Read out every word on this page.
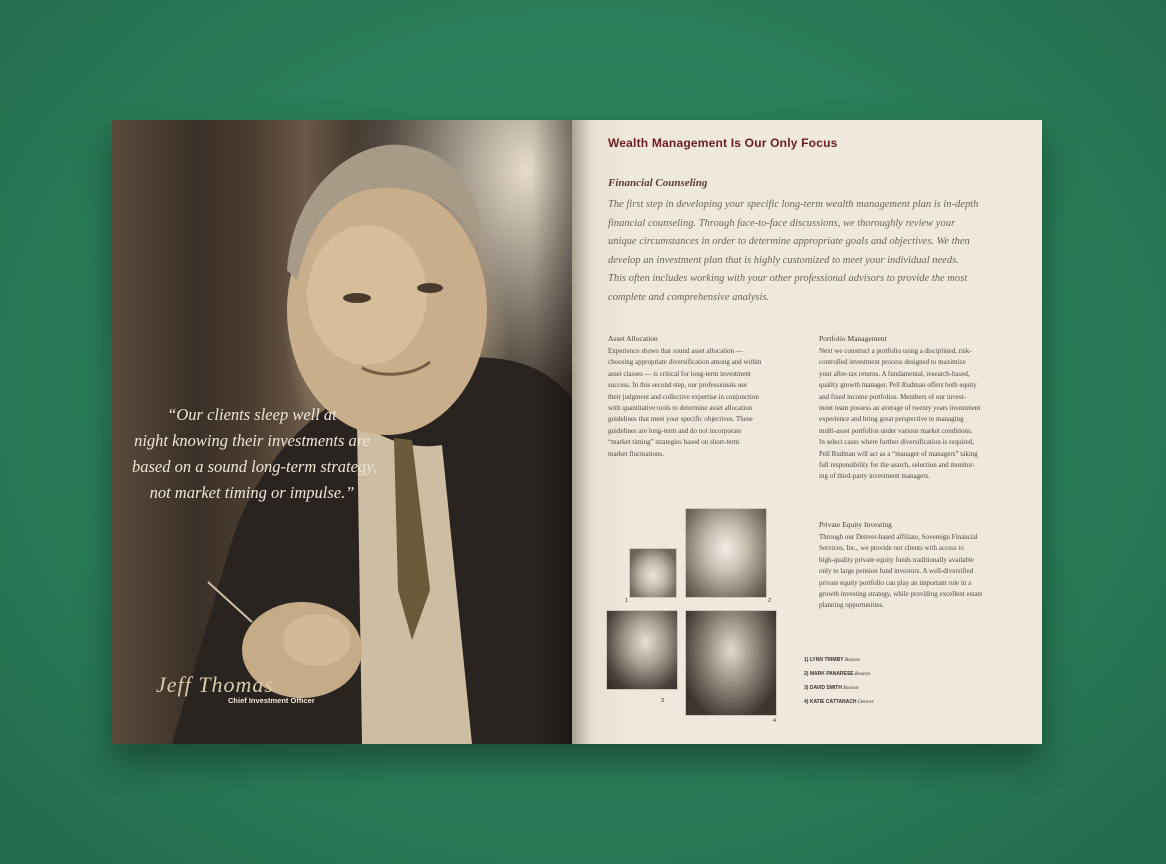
“Our clients sleep well at
night knowing their investments are
based on a sound long-term strategy,
not market timing or impulse.”
Jeff Thomas
Chief Investment Officer
Wealth Management Is Our Only Focus
Financial Counseling
The first step in developing your specific long-term wealth management plan is in-depth
financial counseling. Through face-to-face discussions, we thoroughly review your
unique circumstances in order to determine appropriate goals and objectives. We then
develop an investment plan that is highly customized to meet your individual needs.
This often includes working with your other professional advisors to provide the most
complete and comprehensive analysis.
Asset Allocation
Experience shows that sound asset allocation —
choosing appropriate diversification among and within
asset classes — is critical for long-term investment
success. In this second step, our professionals use
their judgment and collective expertise in conjunction
with quantitative tools to determine asset allocation
guidelines that meet your specific objectives. These
guidelines are long-term and do not incorporate
“market timing” strategies based on short-term
market fluctuations.
Portfolio Management
Next we construct a portfolio using a disciplined, risk-
controlled investment process designed to maximize
your after-tax returns. A fundamental, research-based,
quality growth manager, Pell Rudman offers both equity
and fixed income portfolios. Members of our invest-
ment team possess an average of twenty years investment
experience and bring great perspective to managing
multi-asset portfolios under various market conditions.
In select cases where further diversification is required,
Pell Rudman will act as a “manager of managers” taking
full responsibility for the search, selection and monitor-
ing of third-party investment managers.
Private Equity Investing
Through our Denver-based affiliate, Sovereign Financial
Services, Inc., we provide our clients with access to
high-quality private equity funds traditionally available
only to large pension fund investors. A well-diversified
private equity portfolio can play an important role in a
growth investing strategy, while providing excellent estate
planning opportunities.
1	2
3
4
1) LYNN TRIMBY Boston
2) MARK PANARESE Boston
3) DAVID SMITH Boston
4) KATIE CATTANACH Denver
